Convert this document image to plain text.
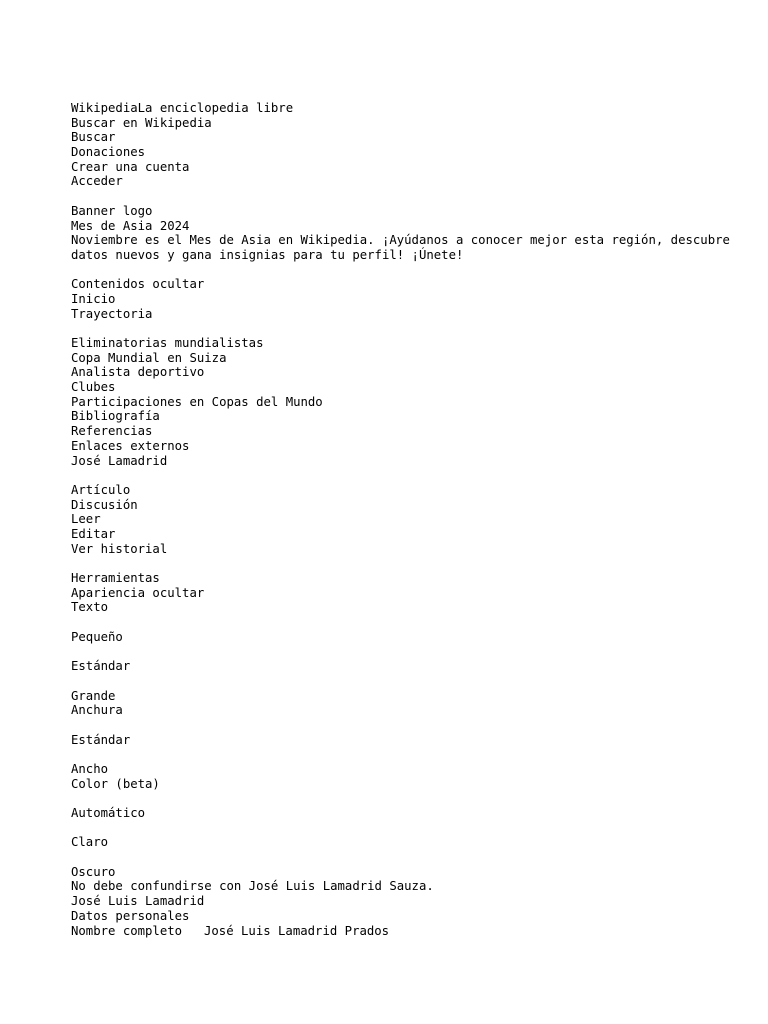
WikipediaLa enciclopedia libre
Buscar en Wikipedia
Buscar
Donaciones
Crear una cuenta
Acceder
Banner logo
Mes de Asia 2024
Noviembre es el Mes de Asia en Wikipedia. ¡Ayúdanos a conocer mejor esta región, descubre datos nuevos y gana insignias para tu perfil! ¡Únete!
Contenidos ocultar
Inicio
Trayectoria
Eliminatorias mundialistas
Copa Mundial en Suiza
Analista deportivo
Clubes
Participaciones en Copas del Mundo
Bibliografía
Referencias
Enlaces externos
José Lamadrid
Artículo
Discusión
Leer
Editar
Ver historial
Herramientas
Apariencia ocultar
Texto
Pequeño
Estándar
Grande
Anchura
Estándar
Ancho
Color (beta)
Automático
Claro
Oscuro
No debe confundirse con José Luis Lamadrid Sauza.
José Luis Lamadrid
Datos personales
Nombre completo José Luis Lamadrid Prados
